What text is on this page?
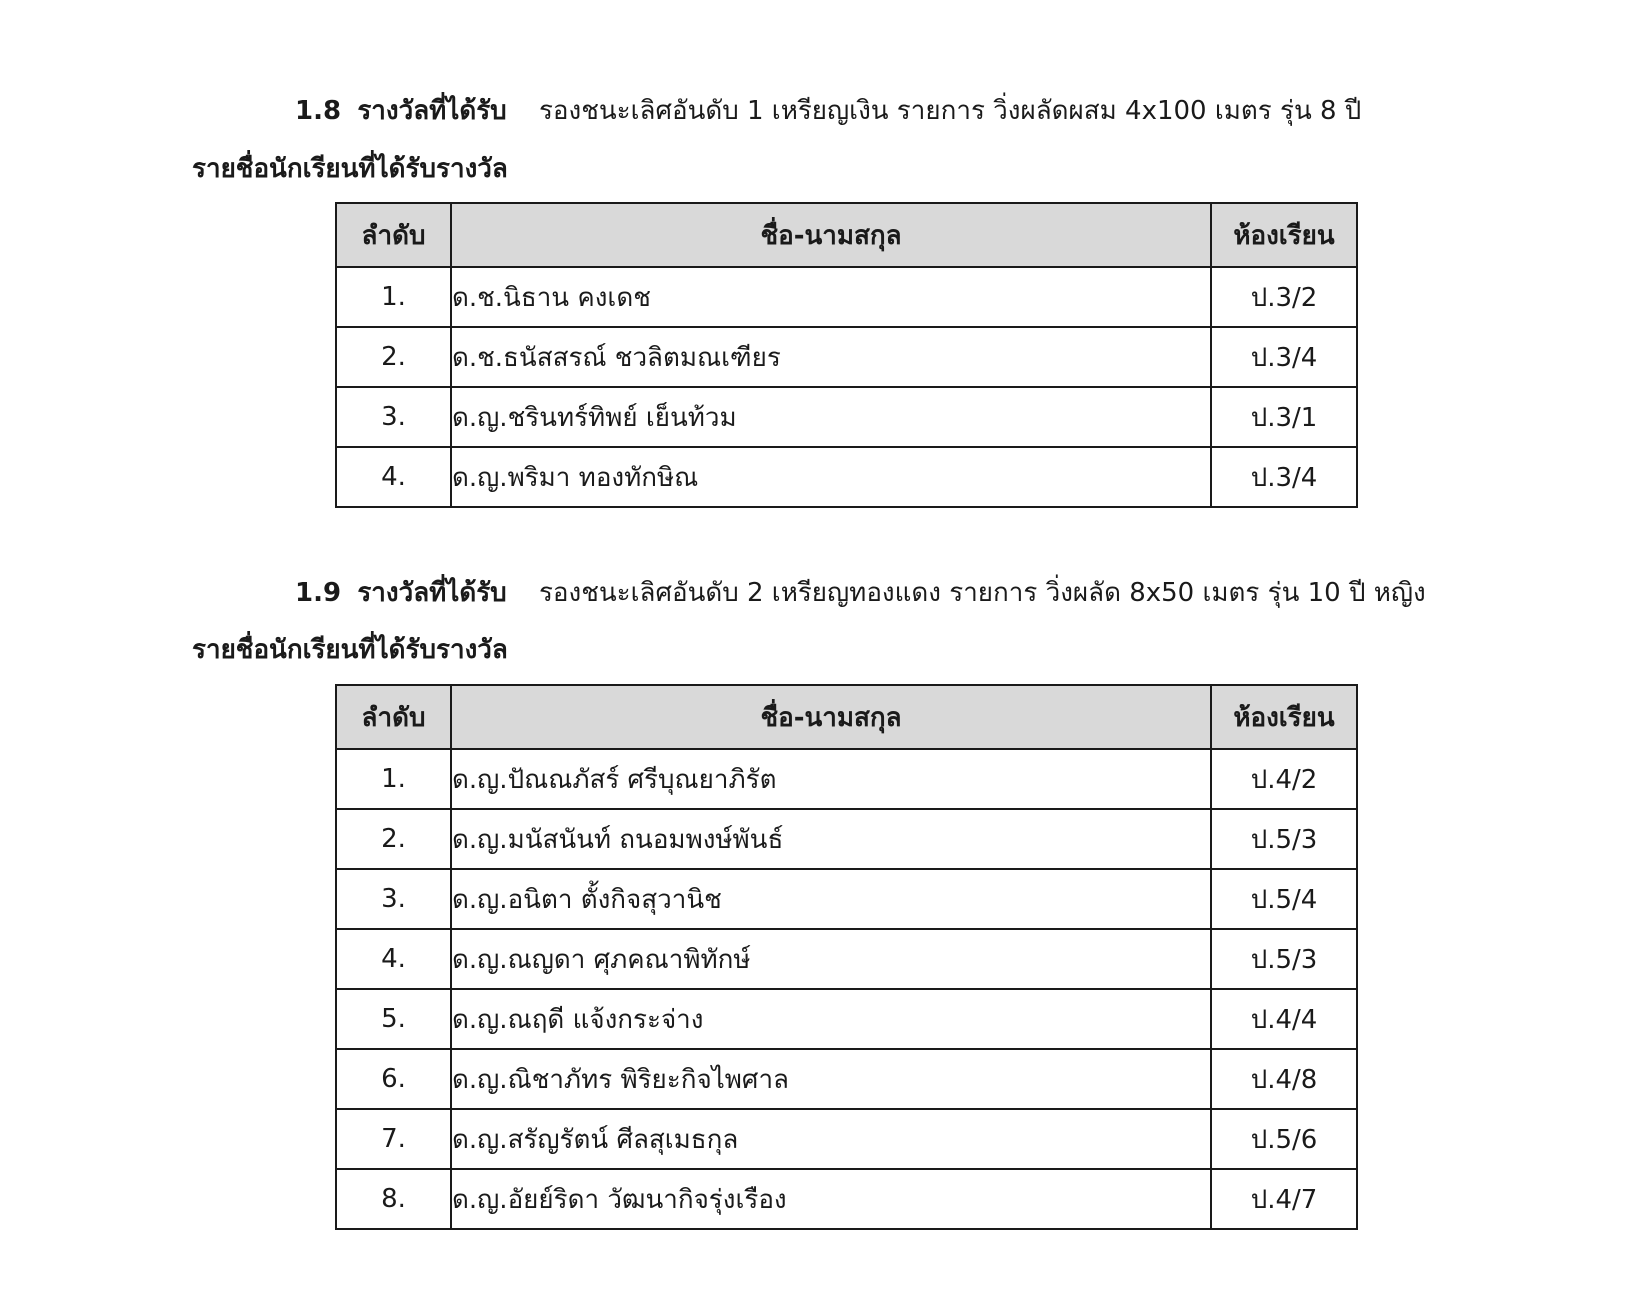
1.8 รางวัลที่ได้รับ รองชนะเลิศอันดับ 1 เหรียญเงิน รายการ วิ่งผลัดผสม 4x100 เมตร รุ่น 8 ปี
รายชื่อนักเรียนที่ได้รับรางวัล
ลำดับ	ชื่อ-นามสกุล	ห้องเรียน
1.	ด.ช.นิธาน คงเดช	ป.3/2
2.	ด.ช.ธนัสสรณ์ ชวลิตมณเฑียร	ป.3/4
3.	ด.ญ.ชรินทร์ทิพย์ เย็นท้วม	ป.3/1
4.	ด.ญ.พริมา ทองทักษิณ	ป.3/4
1.9 รางวัลที่ได้รับ รองชนะเลิศอันดับ 2 เหรียญทองแดง รายการ วิ่งผลัด 8x50 เมตร รุ่น 10 ปี หญิง
รายชื่อนักเรียนที่ได้รับรางวัล
ลำดับ	ชื่อ-นามสกุล	ห้องเรียน
1.	ด.ญ.ปัณณภัสร์ ศรีบุณยาภิรัต	ป.4/2
2.	ด.ญ.มนัสนันท์ ถนอมพงษ์พันธ์	ป.5/3
3.	ด.ญ.อนิตา ตั้งกิจสุวานิช	ป.5/4
4.	ด.ญ.ณญดา ศุภคณาพิทักษ์	ป.5/3
5.	ด.ญ.ณฤดี แจ้งกระจ่าง	ป.4/4
6.	ด.ญ.ณิชาภัทร พิริยะกิจไพศาล	ป.4/8
7.	ด.ญ.สรัญรัตน์ ศีลสุเมธกุล	ป.5/6
8.	ด.ญ.อัยย์ริดา วัฒนากิจรุ่งเรือง	ป.4/7
